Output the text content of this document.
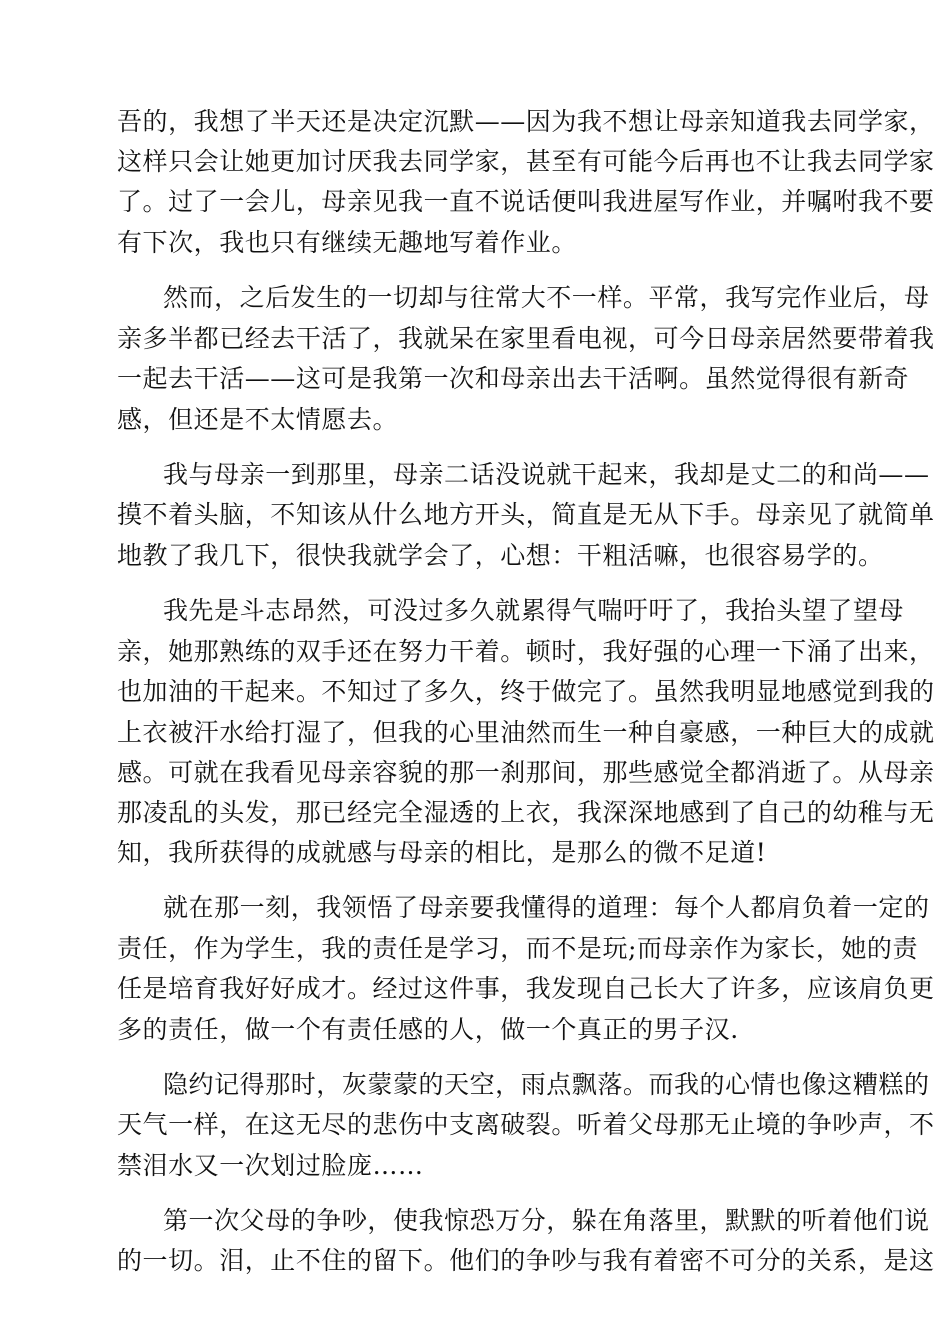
吾的，我想了半天还是决定沉默——因为我不想让母亲知道我去同学家，
这样只会让她更加讨厌我去同学家，甚至有可能今后再也不让我去同学家
了。过了一会儿，母亲见我一直不说话便叫我进屋写作业，并嘱咐我不要
有下次，我也只有继续无趣地写着作业。
然而，之后发生的一切却与往常大不一样。平常，我写完作业后，母
亲多半都已经去干活了，我就呆在家里看电视，可今日母亲居然要带着我
一起去干活——这可是我第一次和母亲出去干活啊。虽然觉得很有新奇
感，但还是不太情愿去。
我与母亲一到那里，母亲二话没说就干起来，我却是丈二的和尚——
摸不着头脑，不知该从什么地方开头，简直是无从下手。母亲见了就简单
地教了我几下，很快我就学会了，心想：干粗活嘛，也很容易学的。
我先是斗志昂然，可没过多久就累得气喘吁吁了，我抬头望了望母
亲，她那熟练的双手还在努力干着。顿时，我好强的心理一下涌了出来，
也加油的干起来。不知过了多久，终于做完了。虽然我明显地感觉到我的
上衣被汗水给打湿了，但我的心里油然而生一种自豪感，一种巨大的成就
感。可就在我看见母亲容貌的那一刹那间，那些感觉全都消逝了。从母亲
那凌乱的头发，那已经完全湿透的上衣，我深深地感到了自己的幼稚与无
知，我所获得的成就感与母亲的相比，是那么的微不足道!
就在那一刻，我领悟了母亲要我懂得的道理：每个人都肩负着一定的
责任，作为学生，我的责任是学习，而不是玩;而母亲作为家长，她的责
任是培育我好好成才。经过这件事，我发现自己长大了许多，应该肩负更
多的责任，做一个有责任感的人，做一个真正的男子汉.
隐约记得那时，灰蒙蒙的天空，雨点飘落。而我的心情也像这糟糕的
天气一样，在这无尽的悲伤中支离破裂。听着父母那无止境的争吵声，不
禁泪水又一次划过脸庞……
第一次父母的争吵，使我惊恐万分，躲在角落里，默默的听着他们说
的一切。泪，止不住的留下。他们的争吵与我有着密不可分的关系，是这
